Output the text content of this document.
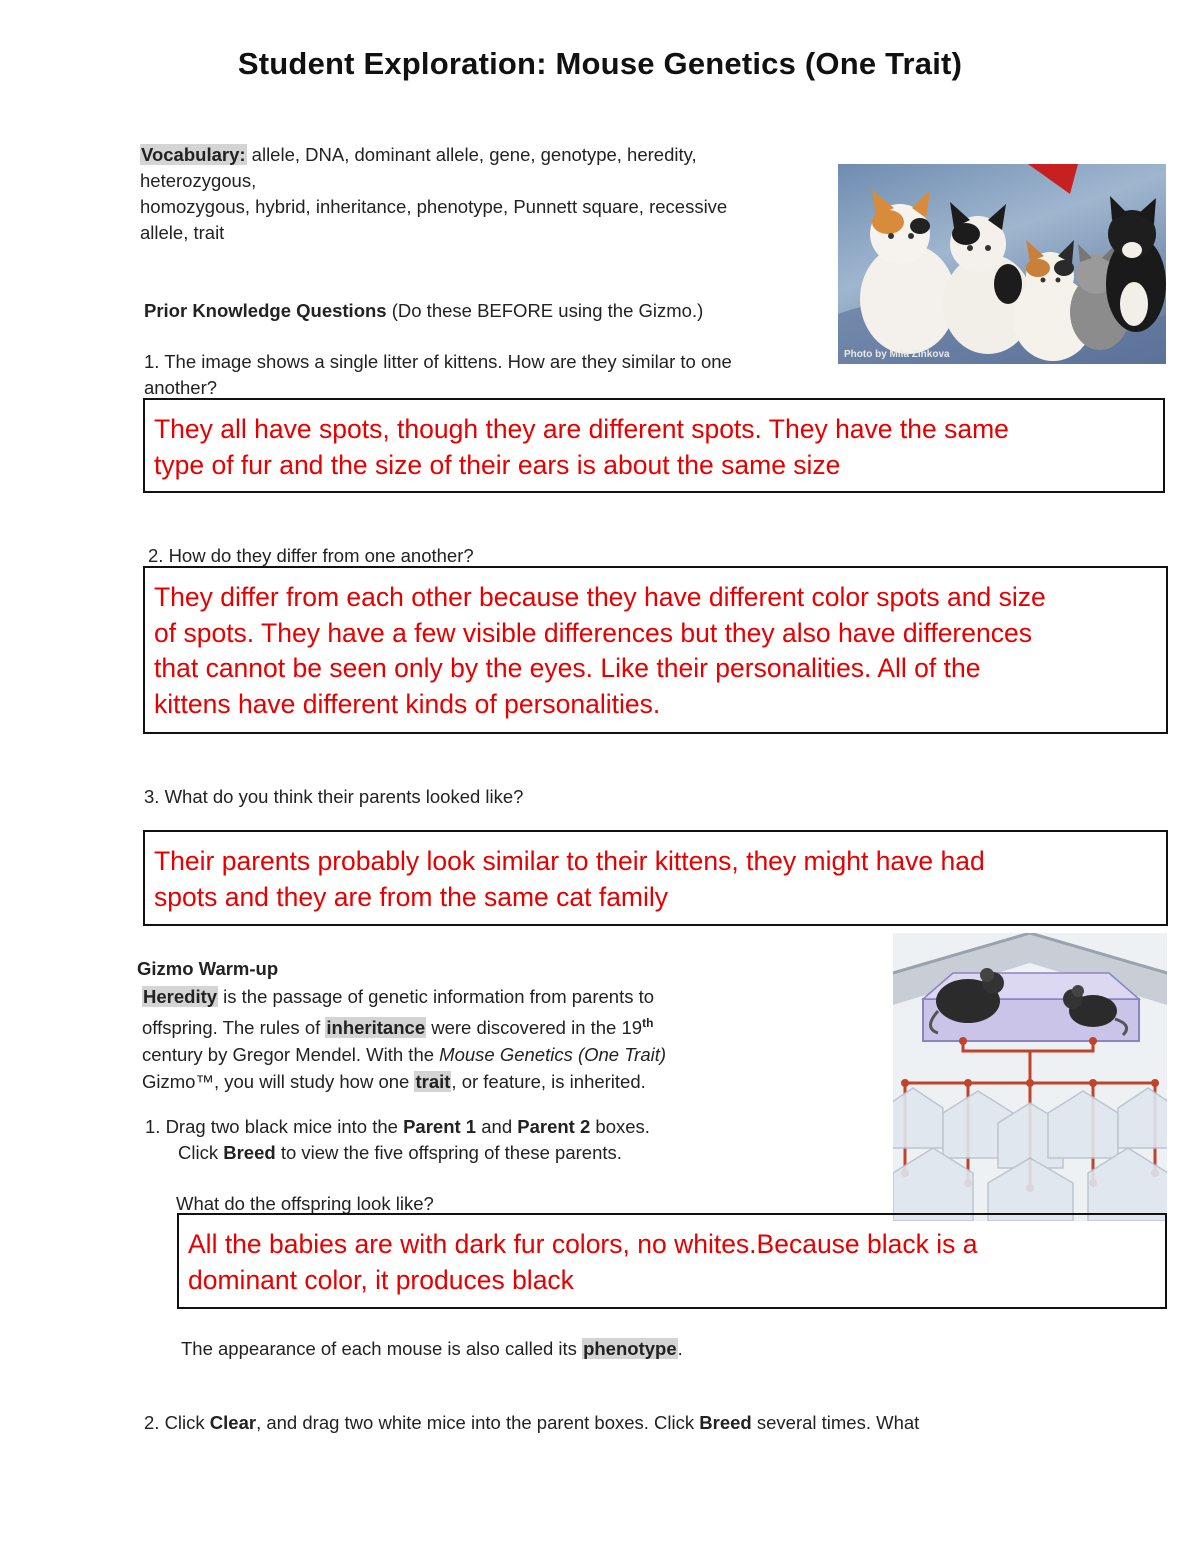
Student Exploration: Mouse Genetics (One Trait)
Vocabulary: allele, DNA, dominant allele, gene, genotype, heredity,
heterozygous,
homozygous, hybrid, inheritance, phenotype, Punnett square, recessive
allele, trait
Photo by Mila Zinkova
Prior Knowledge Questions (Do these BEFORE using the Gizmo.)
1. The image shows a single litter of kittens. How are they similar to one
another?
They all have spots, though they are different spots. They have the same
type of fur and the size of their ears is about the same size
2. How do they differ from one another?
They differ from each other because they have different color spots and size
of spots. They have a few visible differences but they also have differences
that cannot be seen only by the eyes. Like their personalities. All of the
kittens have different kinds of personalities.
3. What do you think their parents looked like?
Their parents probably look similar to their kittens, they might have had
spots and they are from the same cat family
Gizmo Warm-up
Heredity is the passage of genetic information from parents to
offspring. The rules of inheritance were discovered in the 19th
century by Gregor Mendel. With the Mouse Genetics (One Trait)
Gizmo™, you will study how one trait, or feature, is inherited.
1. Drag two black mice into the Parent 1 and Parent 2 boxes.
Click Breed to view the five offspring of these parents.
What do the offspring look like?
All the babies are with dark fur colors, no whites.Because black is a
dominant color, it produces black
The appearance of each mouse is also called its phenotype.
2. Click Clear, and drag two white mice into the parent boxes. Click Breed several times. What
